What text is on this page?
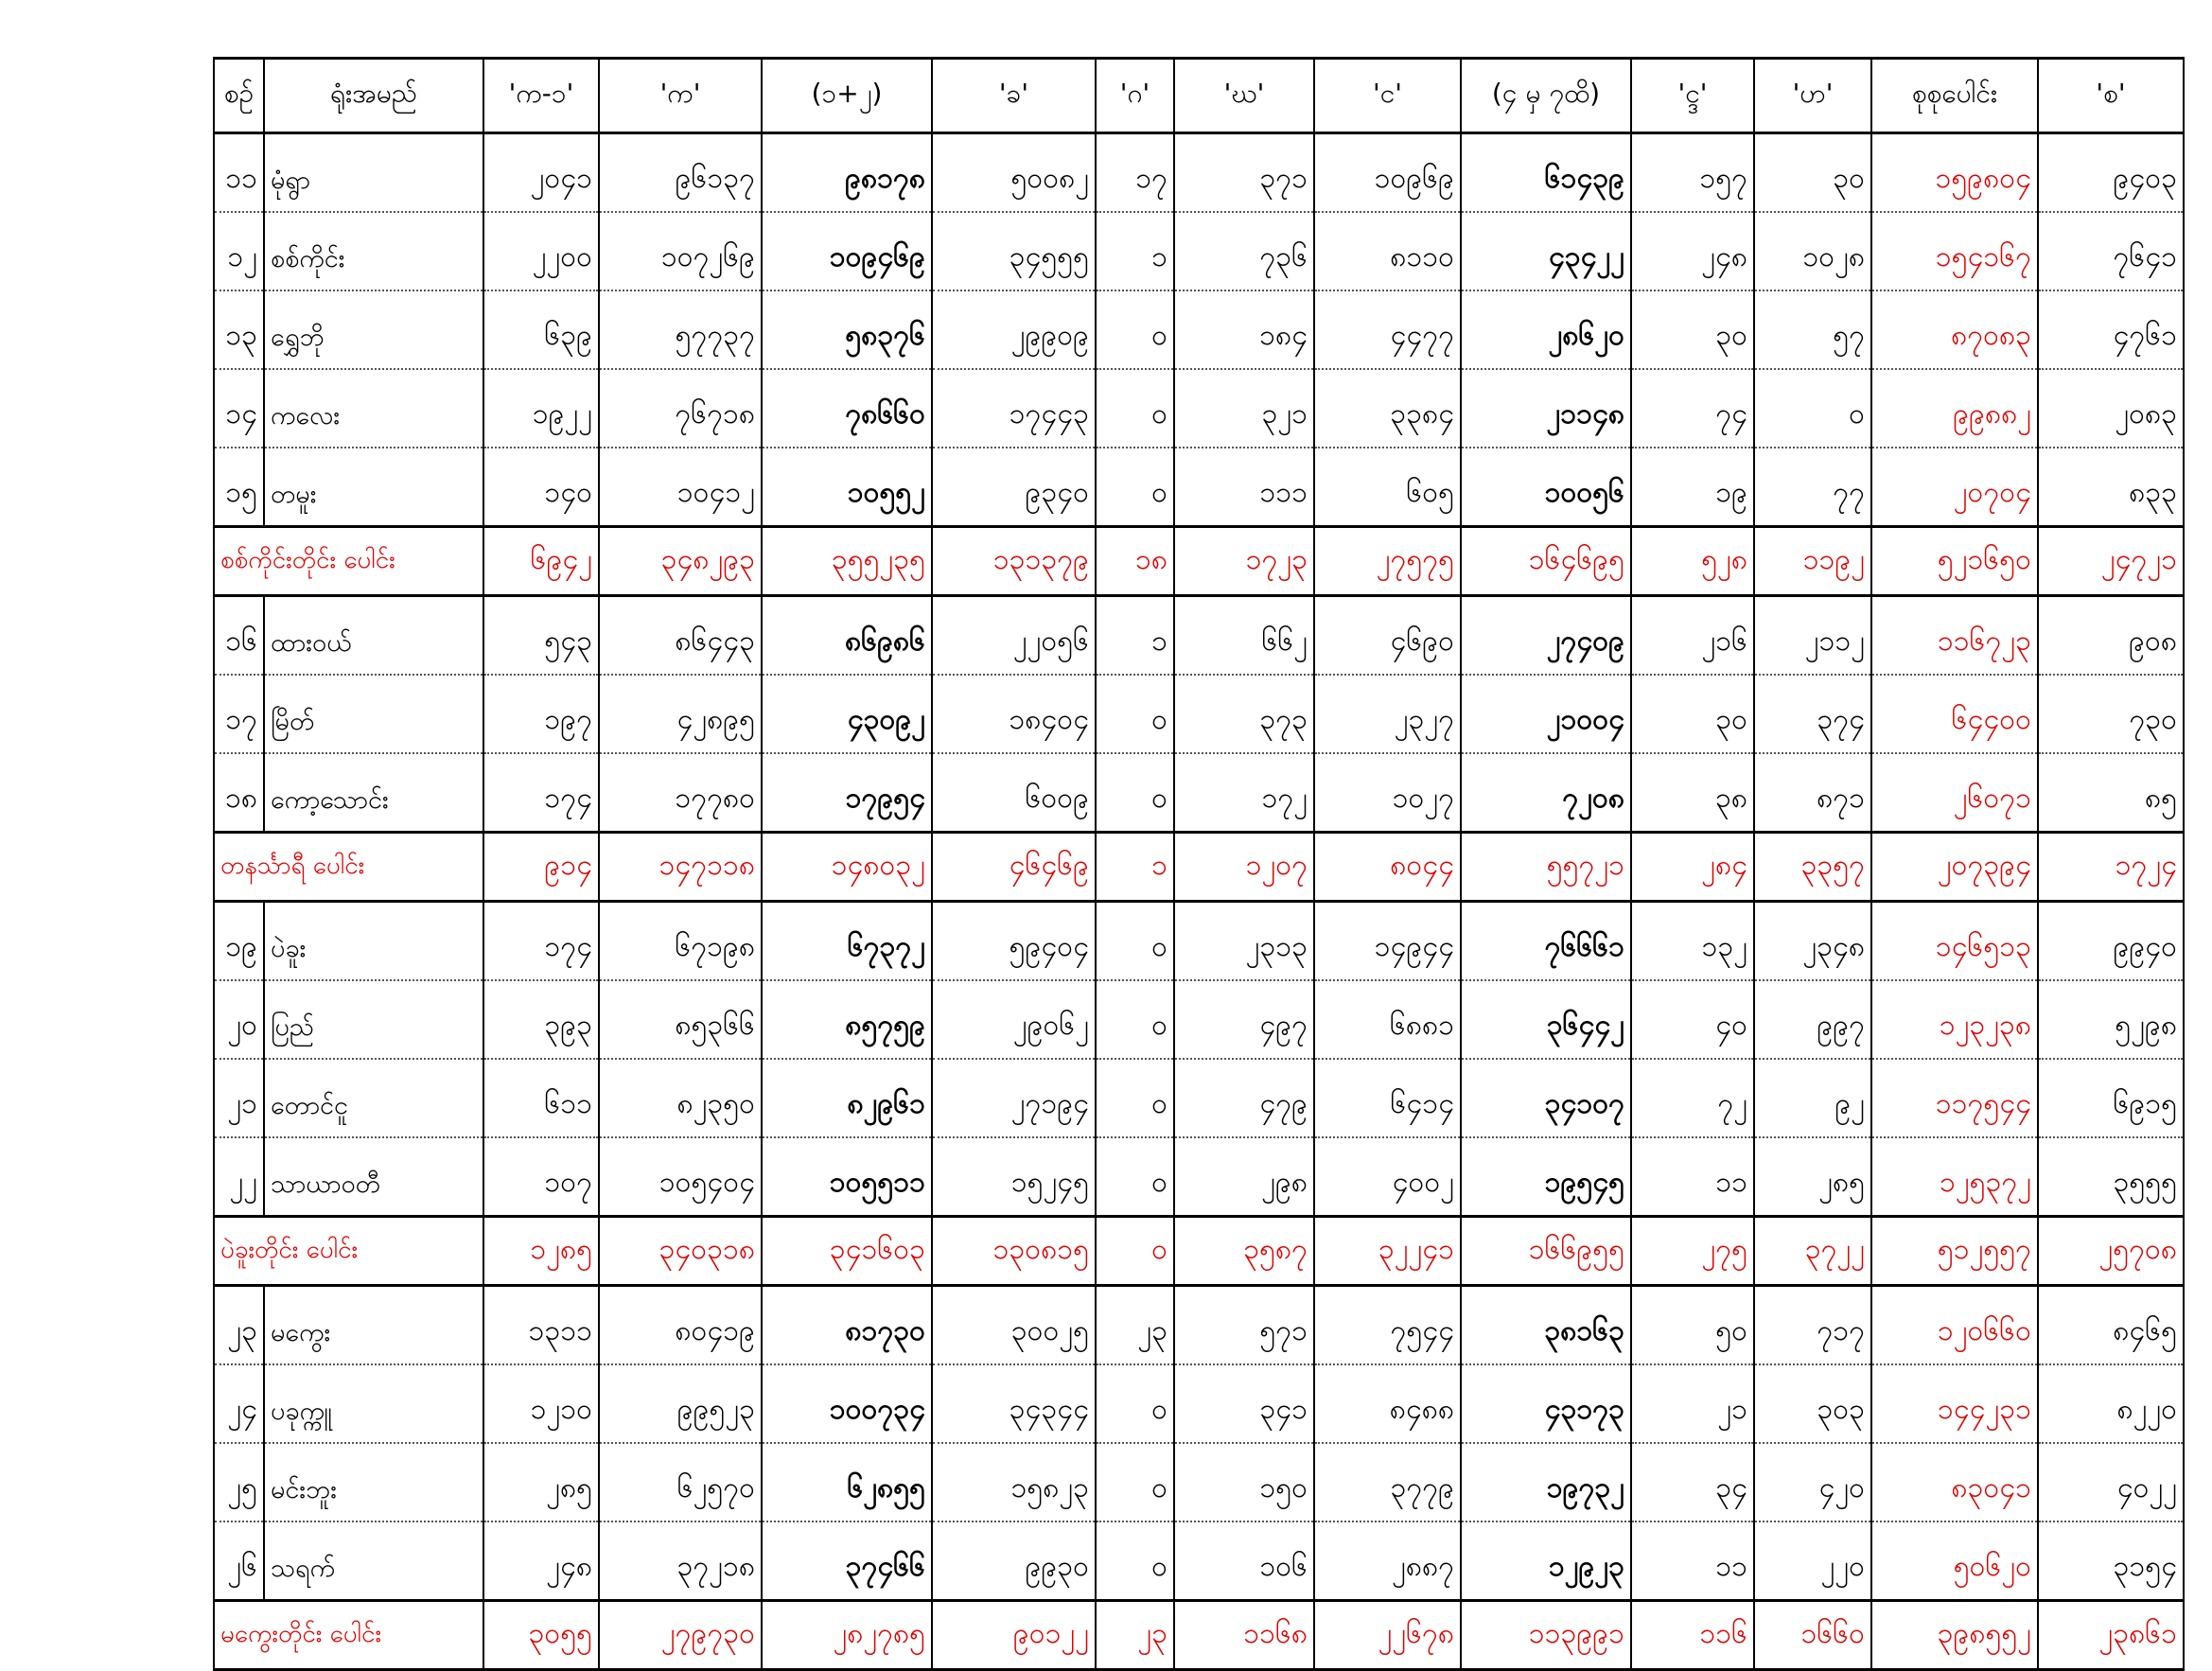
စဉ်	ရုံးအမည်	'က-၁'	'က'	(၁+၂)	'ခ'	'ဂ'	'ဃ'	'င'	(၄ မှ ၇ထိ)	'င္ဒ'	'ဟ'	စုစုပေါင်း	'စ'
၁၁	မုံရွာ	၂၀၄၁	၉၆၁၃၇	၉၈၁၇၈	၅၀၀၈၂	၁၇	၃၇၁	၁၀၉၆၉	၆၁၄၃၉	၁၅၇	၃၀	၁၅၉၈၀၄	၉၄၀၃
၁၂	စစ်ကိုင်း	၂၂၀၀	၁၀၇၂၆၉	၁၀၉၄၆၉	၃၄၅၅၅	၁	၇၃၆	၈၁၁၀	၄၃၄၂၂	၂၄၈	၁၀၂၈	၁၅၄၁၆၇	၇၆၄၁
၁၃	ရွှေဘို	၆၃၉	၅၇၇၃၇	၅၈၃၇၆	၂၉၉၀၉	၀	၁၈၄	၄၄၇၇	၂၈၆၂၀	၃၀	၅၇	၈၇၀၈၃	၄၇၆၁
၁၄	ကလေး	၁၉၂၂	၇၆၇၁၈	၇၈၆၆၀	၁၇၄၄၃	၀	၃၂၁	၃၃၈၄	၂၁၁၄၈	၇၄	၀	၉၉၈၈၂	၂၀၈၃
၁၅	တမူး	၁၄၀	၁၀၄၁၂	၁၀၅၅၂	၉၃၄၀	၀	၁၁၁	၆၀၅	၁၀၀၅၆	၁၉	၇၇	၂၀၇၀၄	၈၃၃
စစ်ကိုင်းတိုင်း ပေါင်း		၆၉၄၂	၃၄၈၂၉၃	၃၅၅၂၃၅	၁၃၁၃၇၉	၁၈	၁၇၂၃	၂၇၅၇၅	၁၆၄၆၉၅	၅၂၈	၁၁၉၂	၅၂၁၆၅၀	၂၄၇၂၁
၁၆	ထားဝယ်	၅၄၃	၈၆၄၄၃	၈၆၉၈၆	၂၂၀၅၆	၁	၆၆၂	၄၆၉၀	၂၇၄၀၉	၂၁၆	၂၁၁၂	၁၁၆၇၂၃	၉၀၈
၁၇	မြိတ်	၁၉၇	၄၂၈၉၅	၄၃၀၉၂	၁၈၄၀၄	၀	၃၇၃	၂၃၂၇	၂၁၀၀၄	၃၀	၃၇၄	၆၄၄၀၀	၇၃၀
၁၈	ကော့သောင်း	၁၇၄	၁၇၇၈၀	၁၇၉၅၄	၆၀၀၉	၀	၁၇၂	၁၀၂၇	၇၂၀၈	၃၈	၈၇၁	၂၆၀၇၁	၈၅
တနင်္သာရီ ပေါင်း		၉၁၄	၁၄၇၁၁၈	၁၄၈၀၃၂	၄၆၄၆၉	၁	၁၂၀၇	၈၀၄၄	၅၅၇၂၁	၂၈၄	၃၃၅၇	၂၀၇၃၉၄	၁၇၂၄
၁၉	ပဲခူး	၁၇၄	၆၇၁၉၈	၆၇၃၇၂	၅၉၄၀၄	၀	၂၃၁၃	၁၄၉၄၄	၇၆၆၆၁	၁၃၂	၂၃၄၈	၁၄၆၅၁၃	၉၉၄၀
၂၀	ပြည်	၃၉၃	၈၅၃၆၆	၈၅၇၅၉	၂၉၀၆၂	၀	၄၉၇	၆၈၈၁	၃၆၄၄၂	၄၀	၉၉၇	၁၂၃၂၃၈	၅၂၉၈
၂၁	တောင်ငူ	၆၁၁	၈၂၃၅၀	၈၂၉၆၁	၂၇၁၉၄	၀	၄၇၉	၆၄၁၄	၃၄၁၀၇	၇၂	၉၂	၁၁၇၅၄၄	၆၉၁၅
၂၂	သာယာဝတီ	၁၀၇	၁၀၅၄၀၄	၁၀၅၅၁၁	၁၅၂၄၅	၀	၂၉၈	၄၀၀၂	၁၉၅၄၅	၁၁	၂၈၅	၁၂၅၃၇၂	၃၅၅၅
ပဲခူးတိုင်း ပေါင်း		၁၂၈၅	၃၄၀၃၁၈	၃၄၁၆၀၃	၁၃၀၈၁၅	၀	၃၅၈၇	၃၂၂၄၁	၁၆၆၉၅၅	၂၇၅	၃၇၂၂	၅၁၂၅၅၇	၂၅၇၀၈
၂၃	မကွေး	၁၃၁၁	၈၀၄၁၉	၈၁၇၃၀	၃၀၀၂၅	၂၃	၅၇၁	၇၅၄၄	၃၈၁၆၃	၅၀	၇၁၇	၁၂၀၆၆၀	၈၄၆၅
၂၄	ပခုက္ကူ	၁၂၁၀	၉၉၅၂၃	၁၀၀၇၃၄	၃၄၃၄၄	၀	၃၄၁	၈၄၈၈	၄၃၁၇၃	၂၁	၃၀၃	၁၄၄၂၃၁	၈၂၂၀
၂၅	မင်းဘူး	၂၈၅	၆၂၅၇၀	၆၂၈၅၅	၁၅၈၂၃	၀	၁၅၀	၃၇၇၉	၁၉၇၃၂	၃၄	၄၂၀	၈၃၀၄၁	၄၀၂၂
၂၆	သရက်	၂၄၈	၃၇၂၁၈	၃၇၄၆၆	၉၉၃၀	၀	၁၀၆	၂၈၈၇	၁၂၉၂၃	၁၁	၂၂၀	၅၀၆၂၀	၃၁၅၄
မကွေးတိုင်း ပေါင်း		၃၀၅၅	၂၇၉၇၃၀	၂၈၂၇၈၅	၉၀၁၂၂	၂၃	၁၁၆၈	၂၂၆၇၈	၁၁၃၉၉၁	၁၁၆	၁၆၆၀	၃၉၈၅၅၂	၂၃၈၆၁
